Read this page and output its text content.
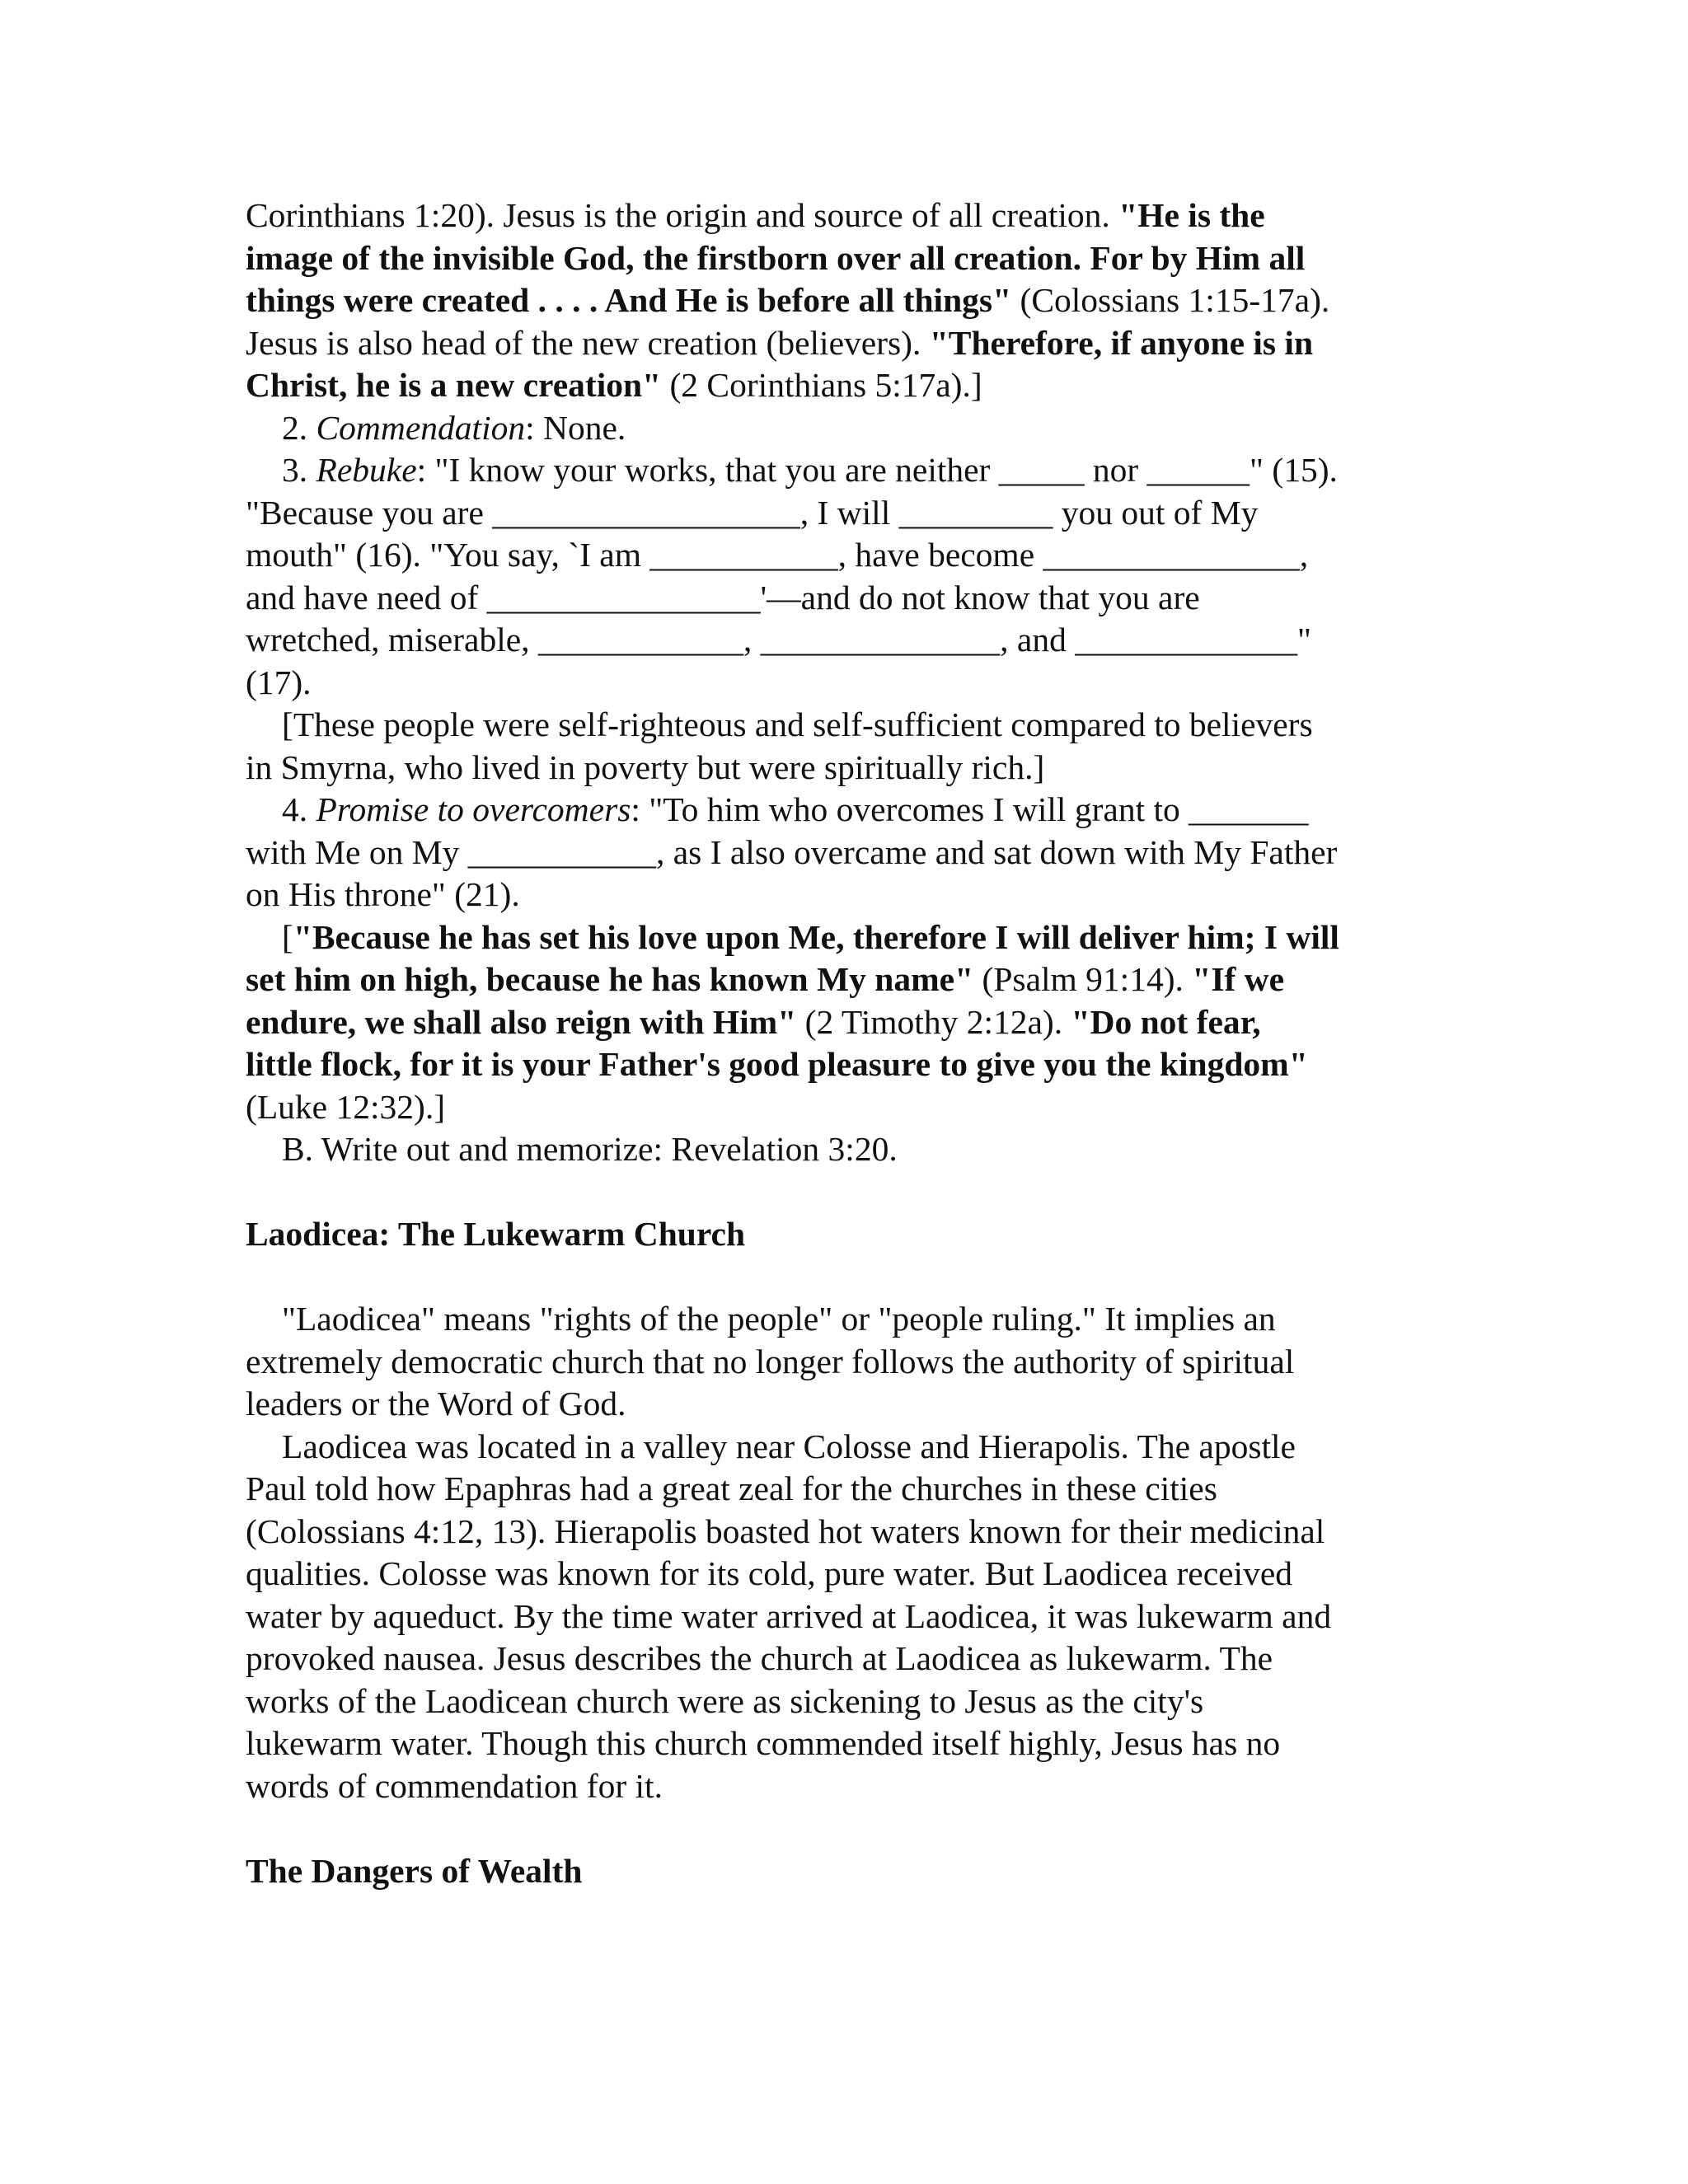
Corinthians 1:20). Jesus is the origin and source of all creation. "He is the

image of the invisible God, the firstborn over all creation. For by Him all

things were created . . . . And He is before all things" (Colossians 1:15-17a).

Jesus is also head of the new creation (believers). "Therefore, if anyone is in

Christ, he is a new creation" (2 Corinthians 5:17a).]

2. Commendation: None.

3. Rebuke: "I know your works, that you are neither _____ nor ______" (15).

"Because you are __________________, I will _________ you out of My

mouth" (16). "You say, `I am ___________, have become _______________,

and have need of ________________'—and do not know that you are

wretched, miserable, ____________, ______________, and _____________"

(17).

[These people were self-righteous and self-sufficient compared to believers

in Smyrna, who lived in poverty but were spiritually rich.]

4. Promise to overcomers: "To him who overcomes I will grant to _______

with Me on My ___________, as I also overcame and sat down with My Father

on His throne" (21).

["Because he has set his love upon Me, therefore I will deliver him; I will

set him on high, because he has known My name" (Psalm 91:14). "If we

endure, we shall also reign with Him" (2 Timothy 2:12a). "Do not fear,

little flock, for it is your Father's good pleasure to give you the kingdom"

(Luke 12:32).]

B. Write out and memorize: Revelation 3:20.

Laodicea: The Lukewarm Church

"Laodicea" means "rights of the people" or "people ruling." It implies an

extremely democratic church that no longer follows the authority of spiritual

leaders or the Word of God.

Laodicea was located in a valley near Colosse and Hierapolis. The apostle

Paul told how Epaphras had a great zeal for the churches in these cities

(Colossians 4:12, 13). Hierapolis boasted hot waters known for their medicinal

qualities. Colosse was known for its cold, pure water. But Laodicea received

water by aqueduct. By the time water arrived at Laodicea, it was lukewarm and

provoked nausea. Jesus describes the church at Laodicea as lukewarm. The

works of the Laodicean church were as sickening to Jesus as the city's

lukewarm water. Though this church commended itself highly, Jesus has no

words of commendation for it.

The Dangers of Wealth
